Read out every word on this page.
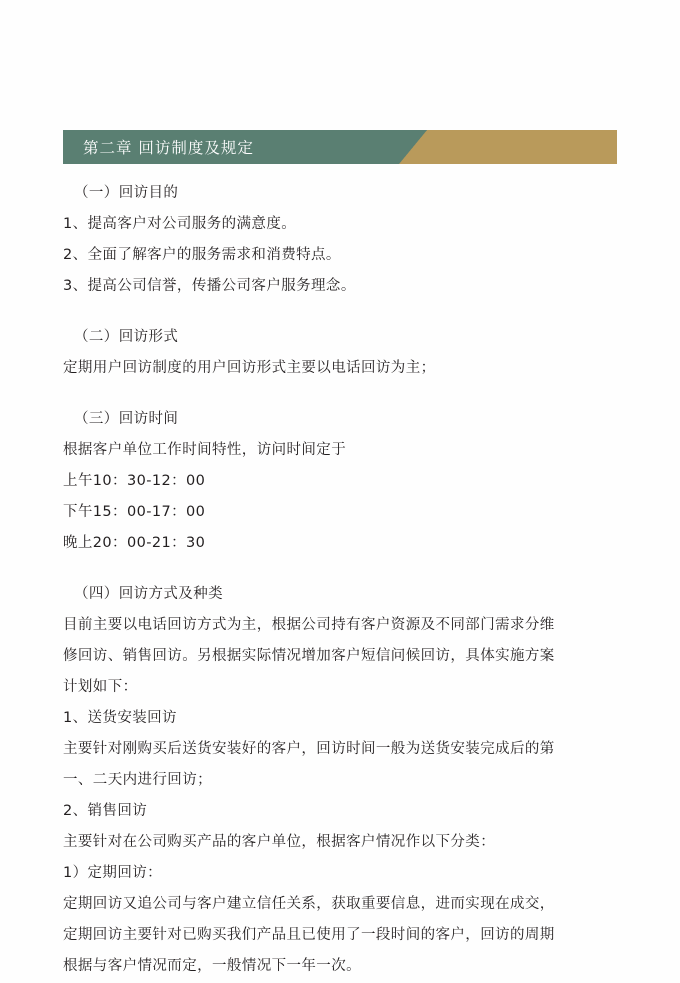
第二章 回访制度及规定
（一）回访目的
1、提高客户对公司服务的满意度。
2、全面了解客户的服务需求和消费特点。
3、提高公司信誉，传播公司客户服务理念。
（二）回访形式
定期用户回访制度的用户回访形式主要以电话回访为主；
（三）回访时间
根据客户单位工作时间特性，访问时间定于
上午10：30-12：00
下午15：00-17：00
晚上20：00-21：30
（四）回访方式及种类
目前主要以电话回访方式为主，根据公司持有客户资源及不同部门需求分维
修回访、销售回访。另根据实际情况增加客户短信问候回访，具体实施方案
计划如下：
1、送货安装回访
主要针对刚购买后送货安装好的客户，回访时间一般为送货安装完成后的第
一、二天内进行回访；
2、销售回访
主要针对在公司购买产品的客户单位，根据客户情况作以下分类：
1）定期回访：
定期回访又追公司与客户建立信任关系，获取重要信息，进而实现在成交，
定期回访主要针对已购买我们产品且已使用了一段时间的客户，回访的周期
根据与客户情况而定，一般情况下一年一次。
